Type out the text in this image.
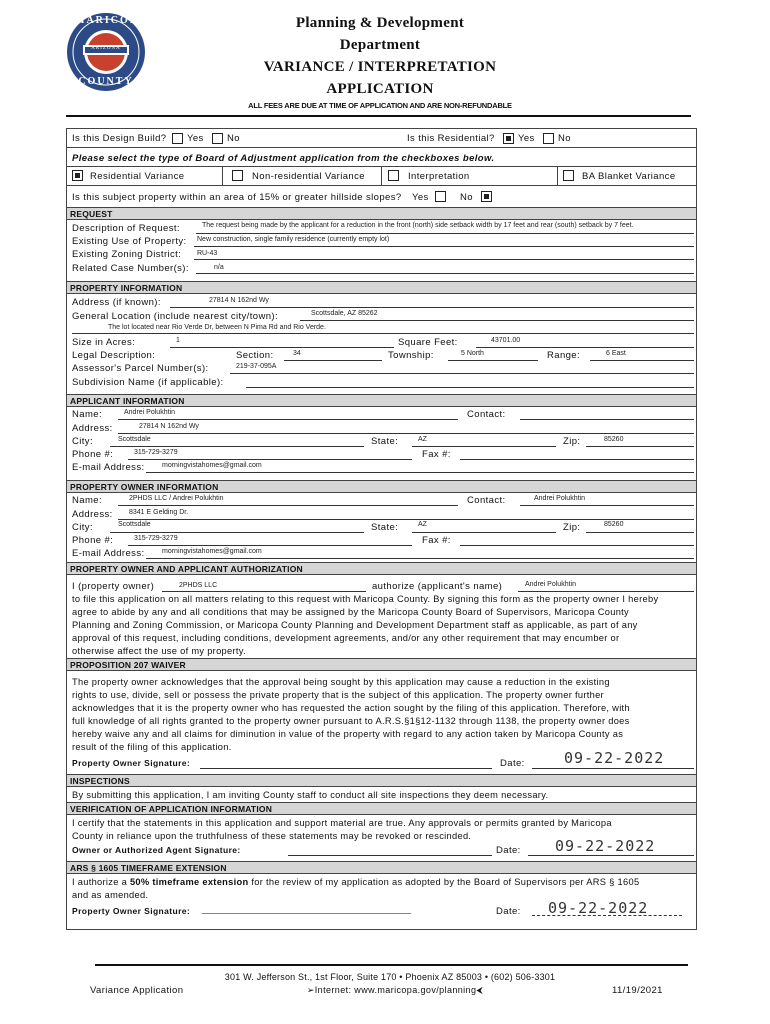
MARICOPA
ARIZONA
COUNTY
Planning & Development
Department
VARIANCE / INTERPRETATION
APPLICATION
ALL FEES ARE DUE AT TIME OF APPLICATION AND ARE NON-REFUNDABLE
Is this Design Build? Yes No	Is this Residential? Yes No
Please select the type of Board of Adjustment application from the checkboxes below.
Residential Variance	Non-residential Variance	Interpretation	BA Blanket Variance
Is this subject property within an area of 15% or greater hillside slopes? Yes	No
REQUEST
Description of Request:	The request being made by the applicant for a reduction in the front (north) side setback width by 17 feet and rear (south) setback by 7 feet.
Existing Use of Property: New construction, single family residence (currently empty lot)
Existing Zoning District: RU-43
Related Case Number(s):	n/a
PROPERTY INFORMATION
Address (if known):	27814 N 162nd Wy
General Location (include nearest city/town):	Scottsdale, AZ 85262
The lot located near Rio Verde Dr, between N Pima Rd and Rio Verde.
Size in Acres:	1	Square Feet:	43701.00
Legal Description:	Section:	34	Township:	5 North	Range:	6 East
Assessor's Parcel Number(s):	219-37-095A
Subdivision Name (if applicable):
APPLICANT INFORMATION
Name:	Andrei Polukhtin	Contact:
Address:	27814 N 162nd Wy
City:	Scottsdale	State:	AZ	Zip:	85260
Phone #:	315-729-3279	Fax #:
E-mail Address: morningvistahomes@gmail.com
PROPERTY OWNER INFORMATION
Name:	2PHDS LLC / Andrei Polukhtin	Contact:	Andrei Polukhtin
Address: 8341 E Gelding Dr.
City:	Scottsdale	State:	AZ	Zip:	85260
Phone #:	315-729-3279	Fax #:
E-mail Address: morningvistahomes@gmail.com
PROPERTY OWNER AND APPLICANT AUTHORIZATION
I (property owner)	2PHDS LLC	authorize (applicant's name)	Andrei Polukhtin
to file this application on all matters relating to this request with Maricopa County. By signing this form as the property owner I hereby
agree to abide by any and all conditions that may be assigned by the Maricopa County Board of Supervisors, Maricopa County
Planning and Zoning Commission, or Maricopa County Planning and Development Department staff as applicable, as part of any
approval of this request, including conditions, development agreements, and/or any other requirement that may encumber or
otherwise affect the use of my property.
PROPOSITION 207 WAIVER
The property owner acknowledges that the approval being sought by this application may cause a reduction in the existing
rights to use, divide, sell or possess the private property that is the subject of this application. The property owner further
acknowledges that it is the property owner who has requested the action sought by the filing of this application. Therefore, with
full knowledge of all rights granted to the property owner pursuant to A.R.S.§1§12-1132 through 1138, the property owner does
hereby waive any and all claims for diminution in value of the property with regard to any action taken by Maricopa County as
result of the filing of this application.
Property Owner Signature:	Date:	09-22-2022
INSPECTIONS
By submitting this application, I am inviting County staff to conduct all site inspections they deem necessary.
VERIFICATION OF APPLICATION INFORMATION
I certify that the statements in this application and support material are true. Any approvals or permits granted by Maricopa
County in reliance upon the truthfulness of these statements may be revoked or rescinded.
Owner or Authorized Agent Signature:	Date: 09-22-2022
ARS § 1605 TIMEFRAME EXTENSION
I authorize a 50% timeframe extension for the review of my application as adopted by the Board of Supervisors per ARS § 1605
and as amended.
Property Owner Signature: _______________________________________________	Date: 09-22-2022
301 W. Jefferson St., 1st Floor, Suite 170 • Phoenix AZ 85003 • (602) 506-3301
Variance Application	➢Internet: www.maricopa.gov/planning⮜	11/19/2021
